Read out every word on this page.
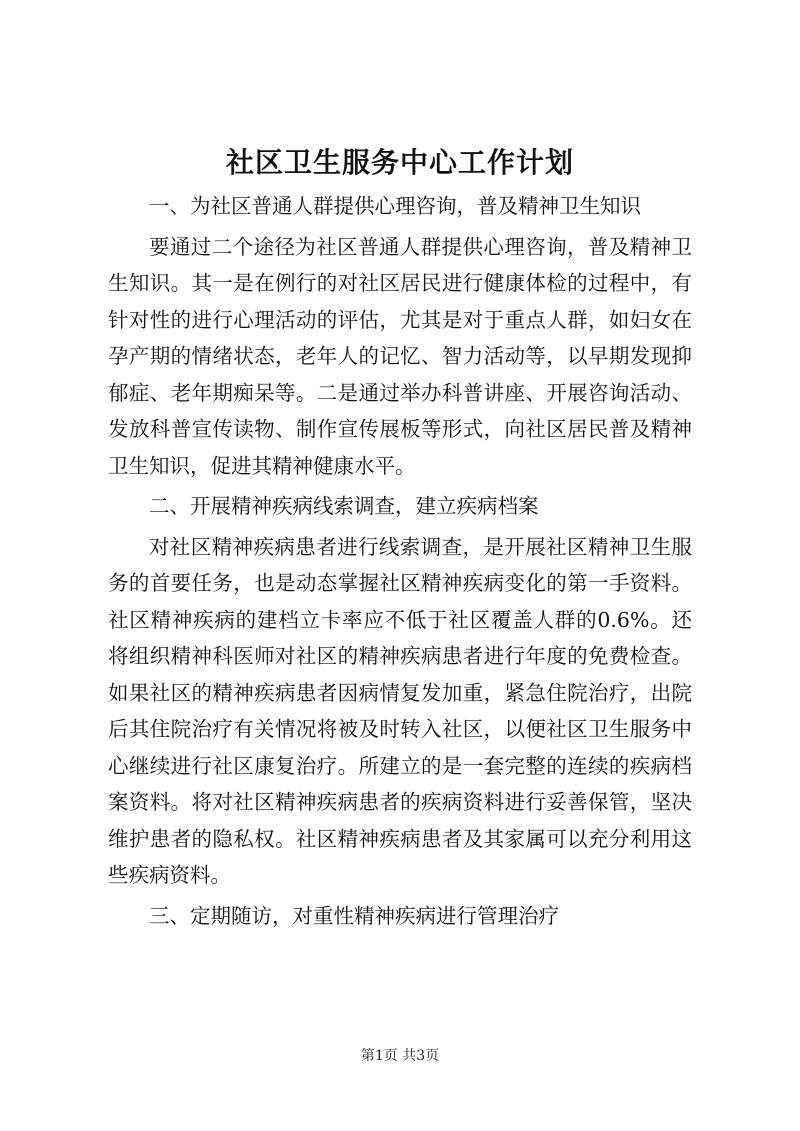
社区卫生服务中心工作计划

一、为社区普通人群提供心理咨询，普及精神卫生知识

要通过二个途径为社区普通人群提供心理咨询，普及精神卫生知识。其一是在例行的对社区居民进行健康体检的过程中，有针对性的进行心理活动的评估，尤其是对于重点人群，如妇女在孕产期的情绪状态，老年人的记忆、智力活动等，以早期发现抑郁症、老年期痴呆等。二是通过举办科普讲座、开展咨询活动、发放科普宣传读物、制作宣传展板等形式，向社区居民普及精神卫生知识，促进其精神健康水平。

二、开展精神疾病线索调查，建立疾病档案

对社区精神疾病患者进行线索调查，是开展社区精神卫生服务的首要任务，也是动态掌握社区精神疾病变化的第一手资料。社区精神疾病的建档立卡率应不低于社区覆盖人群的0.6%。还将组织精神科医师对社区的精神疾病患者进行年度的免费检查。如果社区的精神疾病患者因病情复发加重，紧急住院治疗，出院后其住院治疗有关情况将被及时转入社区，以便社区卫生服务中心继续进行社区康复治疗。所建立的是一套完整的连续的疾病档案资料。将对社区精神疾病患者的疾病资料进行妥善保管，坚决维护患者的隐私权。社区精神疾病患者及其家属可以充分利用这些疾病资料。

三、定期随访，对重性精神疾病进行管理治疗

第1页 共3页
